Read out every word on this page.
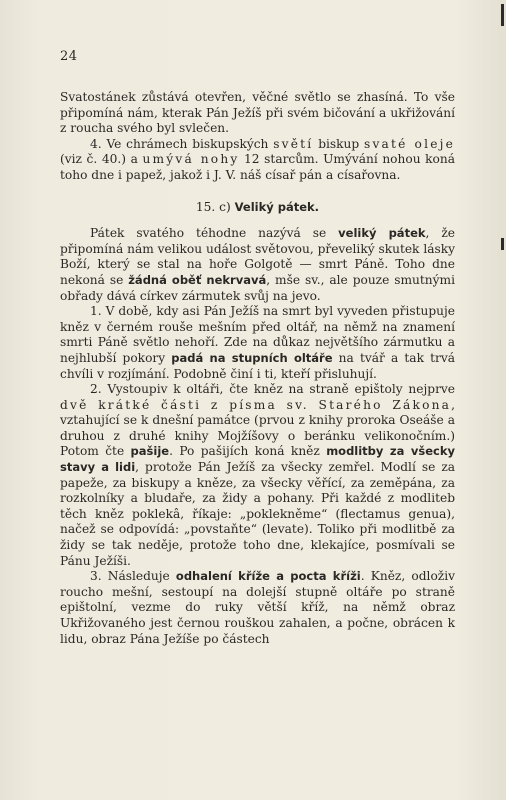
24

Svatostánek zůstává otevřen, věčné světlo se zhasíná. To vše připomíná nám, kterak Pán Ježíš při svém bičování a ukřižování z roucha svého byl svlečen.

4. Ve chrámech biskupských světí biskup svaté oleje (viz č. 40.) a umývá nohy 12 starcům. Umývání nohou koná toho dne i papež, jakož i J. V. náš císař pán a císařovna.

15. c) Veliký pátek.

Pátek svatého téhodne nazývá se veliký pátek, že připomíná nám velikou událost světovou, převeliký skutek lásky Boží, který se stal na hoře Golgotě — smrt Páně. Toho dne nekoná se žádná oběť nekrvavá, mše sv., ale pouze smutnými obřady dává církev zármutek svůj na jevo.

1. V době, kdy asi Pán Ježíš na smrt byl vyveden přistupuje kněz v černém rouše mešním před oltář, na němž na znamení smrti Páně světlo nehoří. Zde na důkaz největšího zármutku a nejhlubší pokory padá na stupních oltáře na tvář a tak trvá chvíli v rozjímání. Podobně činí i ti, kteří přisluhují.

2. Vystoupiv k oltáři, čte kněz na straně epištoly nejprve dvě krátké části z písma sv. Starého Zákona, vztahující se k dnešní památce (prvou z knihy proroka Oseáše a druhou z druhé knihy Mojžíšovy o beránku velikonočním.) Potom čte pašije. Po pašijích koná kněz modlitby za všecky stavy a lidi, protože Pán Ježíš za všecky zemřel. Modlí se za papeže, za biskupy a kněze, za všecky věřící, za zeměpána, za rozkolníky a bludaře, za židy a pohany. Při každé z modliteb těch kněz poklekâ, říkaje: „poklekněme“ (flectamus genua), načež se odpovídá: „povstaňte“ (levate). Toliko při modlitbě za židy se tak neděje, protože toho dne, klekajíce, posmívali se Pánu Ježíši.

3. Následuje odhalení kříže a pocta kříži. Kněz, odloživ roucho mešní, sestoupí na dolejší stupně oltáře po straně epištolní, vezme do ruky větší kříž, na němž obraz Ukřižovaného jest černou rouškou zahalen, a počne, obrácen k lidu, obraz Pána Ježíše po částech
